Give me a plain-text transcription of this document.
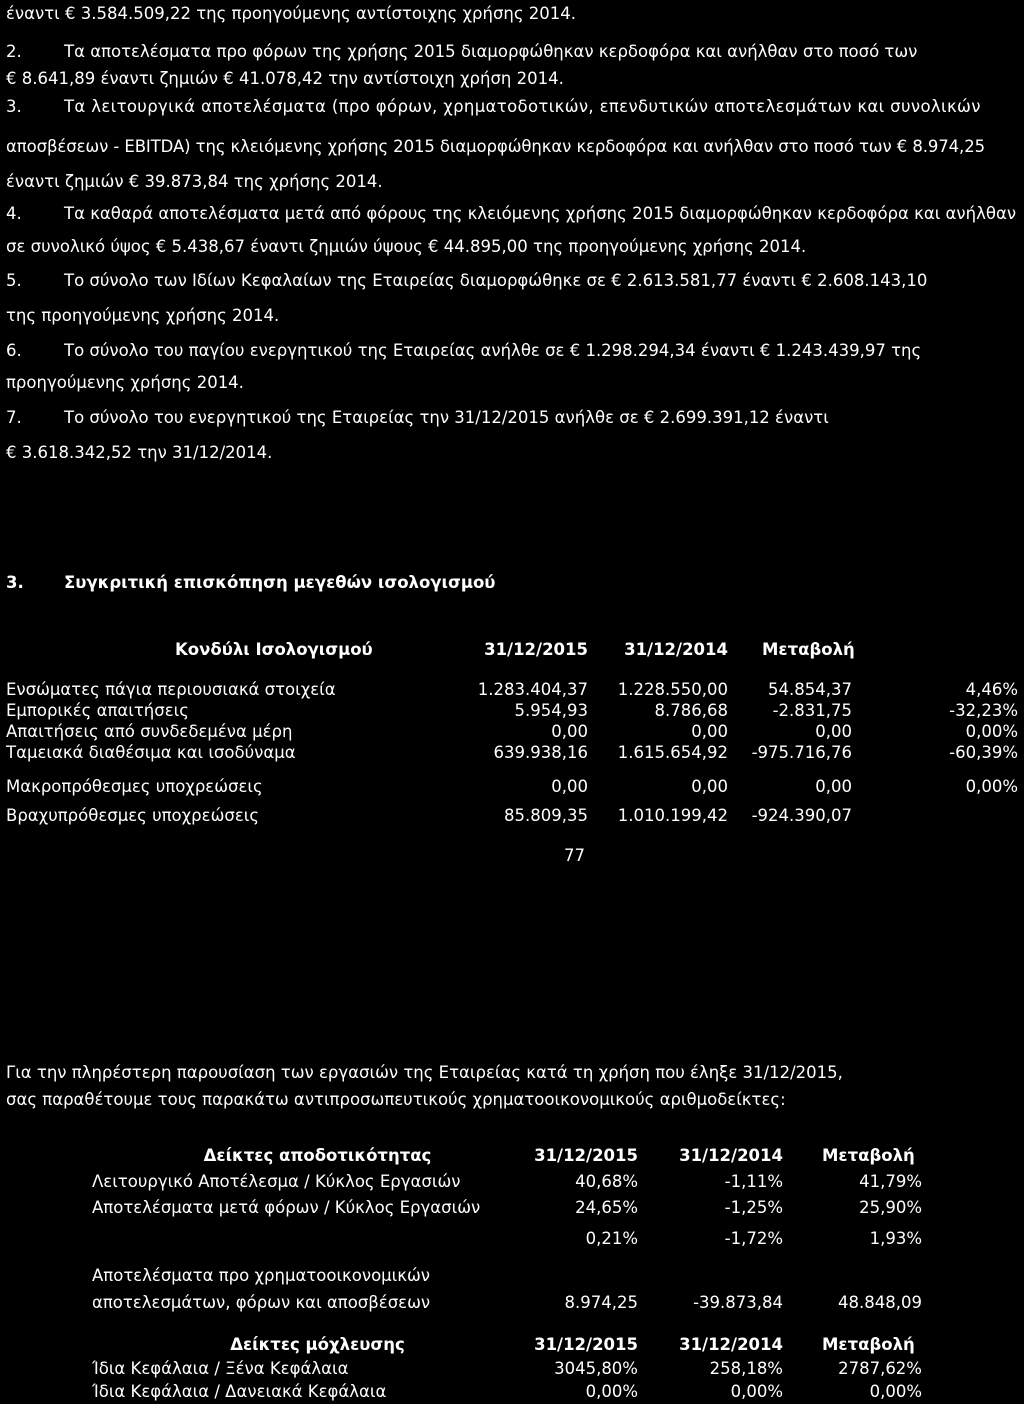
έναντι € 3.584.509,22 της προηγούμενης αντίστοιχης χρήσης 2014.
2.	Τα αποτελέσματα προ φόρων της χρήσης 2015 διαμορφώθηκαν κερδοφόρα και ανήλθαν στο ποσό των
€ 8.641,89 έναντι ζημιών € 41.078,42 την αντίστοιχη χρήση 2014.
3.	Τα λειτουργικά αποτελέσματα (προ φόρων, χρηματοδοτικών, επενδυτικών αποτελεσμάτων και συνολικών
αποσβέσεων - EBITDA) της κλειόμενης χρήσης 2015 διαμορφώθηκαν κερδοφόρα και ανήλθαν στο ποσό των € 8.974,25
έναντι ζημιών € 39.873,84 της χρήσης 2014.
4.	Τα καθαρά αποτελέσματα μετά από φόρους της κλειόμενης χρήσης 2015 διαμορφώθηκαν κερδοφόρα και ανήλθαν
σε συνολικό ύψος € 5.438,67 έναντι ζημιών ύψους € 44.895,00 της προηγούμενης χρήσης 2014.
5.	Το σύνολο των Ιδίων Κεφαλαίων της Εταιρείας διαμορφώθηκε σε € 2.613.581,77 έναντι € 2.608.143,10
της προηγούμενης χρήσης 2014.
6.	Το σύνολο του παγίου ενεργητικού της Εταιρείας ανήλθε σε € 1.298.294,34 έναντι € 1.243.439,97 της
προηγούμενης χρήσης 2014.
7.	Το σύνολο του ενεργητικού της Εταιρείας την 31/12/2015 ανήλθε σε € 2.699.391,12 έναντι
€ 3.618.342,52 την 31/12/2014.
3. Συγκριτική επισκόπηση μεγεθών ισολογισμού
Κονδύλι Ισολογισμού	31/12/2015	31/12/2014 Μεταβολή
Ενσώματες πάγια περιουσιακά στοιχεία	1.283.404,37	1.228.550,00	54.854,37	4,46%
Εμπορικές απαιτήσεις	5.954,93	8.786,68	-2.831,75	-32,23%
Απαιτήσεις από συνδεδεμένα μέρη	0,00	0,00	0,00	0,00%
Ταμειακά διαθέσιμα και ισοδύναμα	639.938,16	1.615.654,92	-975.716,76	-60,39%
Μακροπρόθεσμες υποχρεώσεις	0,00	0,00	0,00	0,00%
Βραχυπρόθεσμες υποχρεώσεις	85.809,35	1.010.199,42	-924.390,07
77
Για την πληρέστερη παρουσίαση των εργασιών της Εταιρείας κατά τη χρήση που έληξε 31/12/2015,
σας παραθέτουμε τους παρακάτω αντιπροσωπευτικούς χρηματοοικονομικούς αριθμοδείκτες:
Δείκτες αποδοτικότητας	31/12/2015	31/12/2014 Μεταβολή
Λειτουργικό Αποτέλεσμα / Κύκλος Εργασιών	40,68%	-1,11%	41,79%
Αποτελέσματα μετά φόρων / Κύκλος Εργασιών	24,65%	-1,25%	25,90%
0,21%	-1,72%	1,93%
Αποτελέσματα προ χρηματοοικονομικών
αποτελεσμάτων, φόρων και αποσβέσεων	8.974,25	-39.873,84	48.848,09
Δείκτες μόχλευσης	31/12/2015	31/12/2014 Μεταβολή
Ίδια Κεφάλαια / Ξένα Κεφάλαια	3045,80%	258,18%	2787,62%
Ίδια Κεφάλαια / Δανειακά Κεφάλαια	0,00%	0,00%	0,00%
